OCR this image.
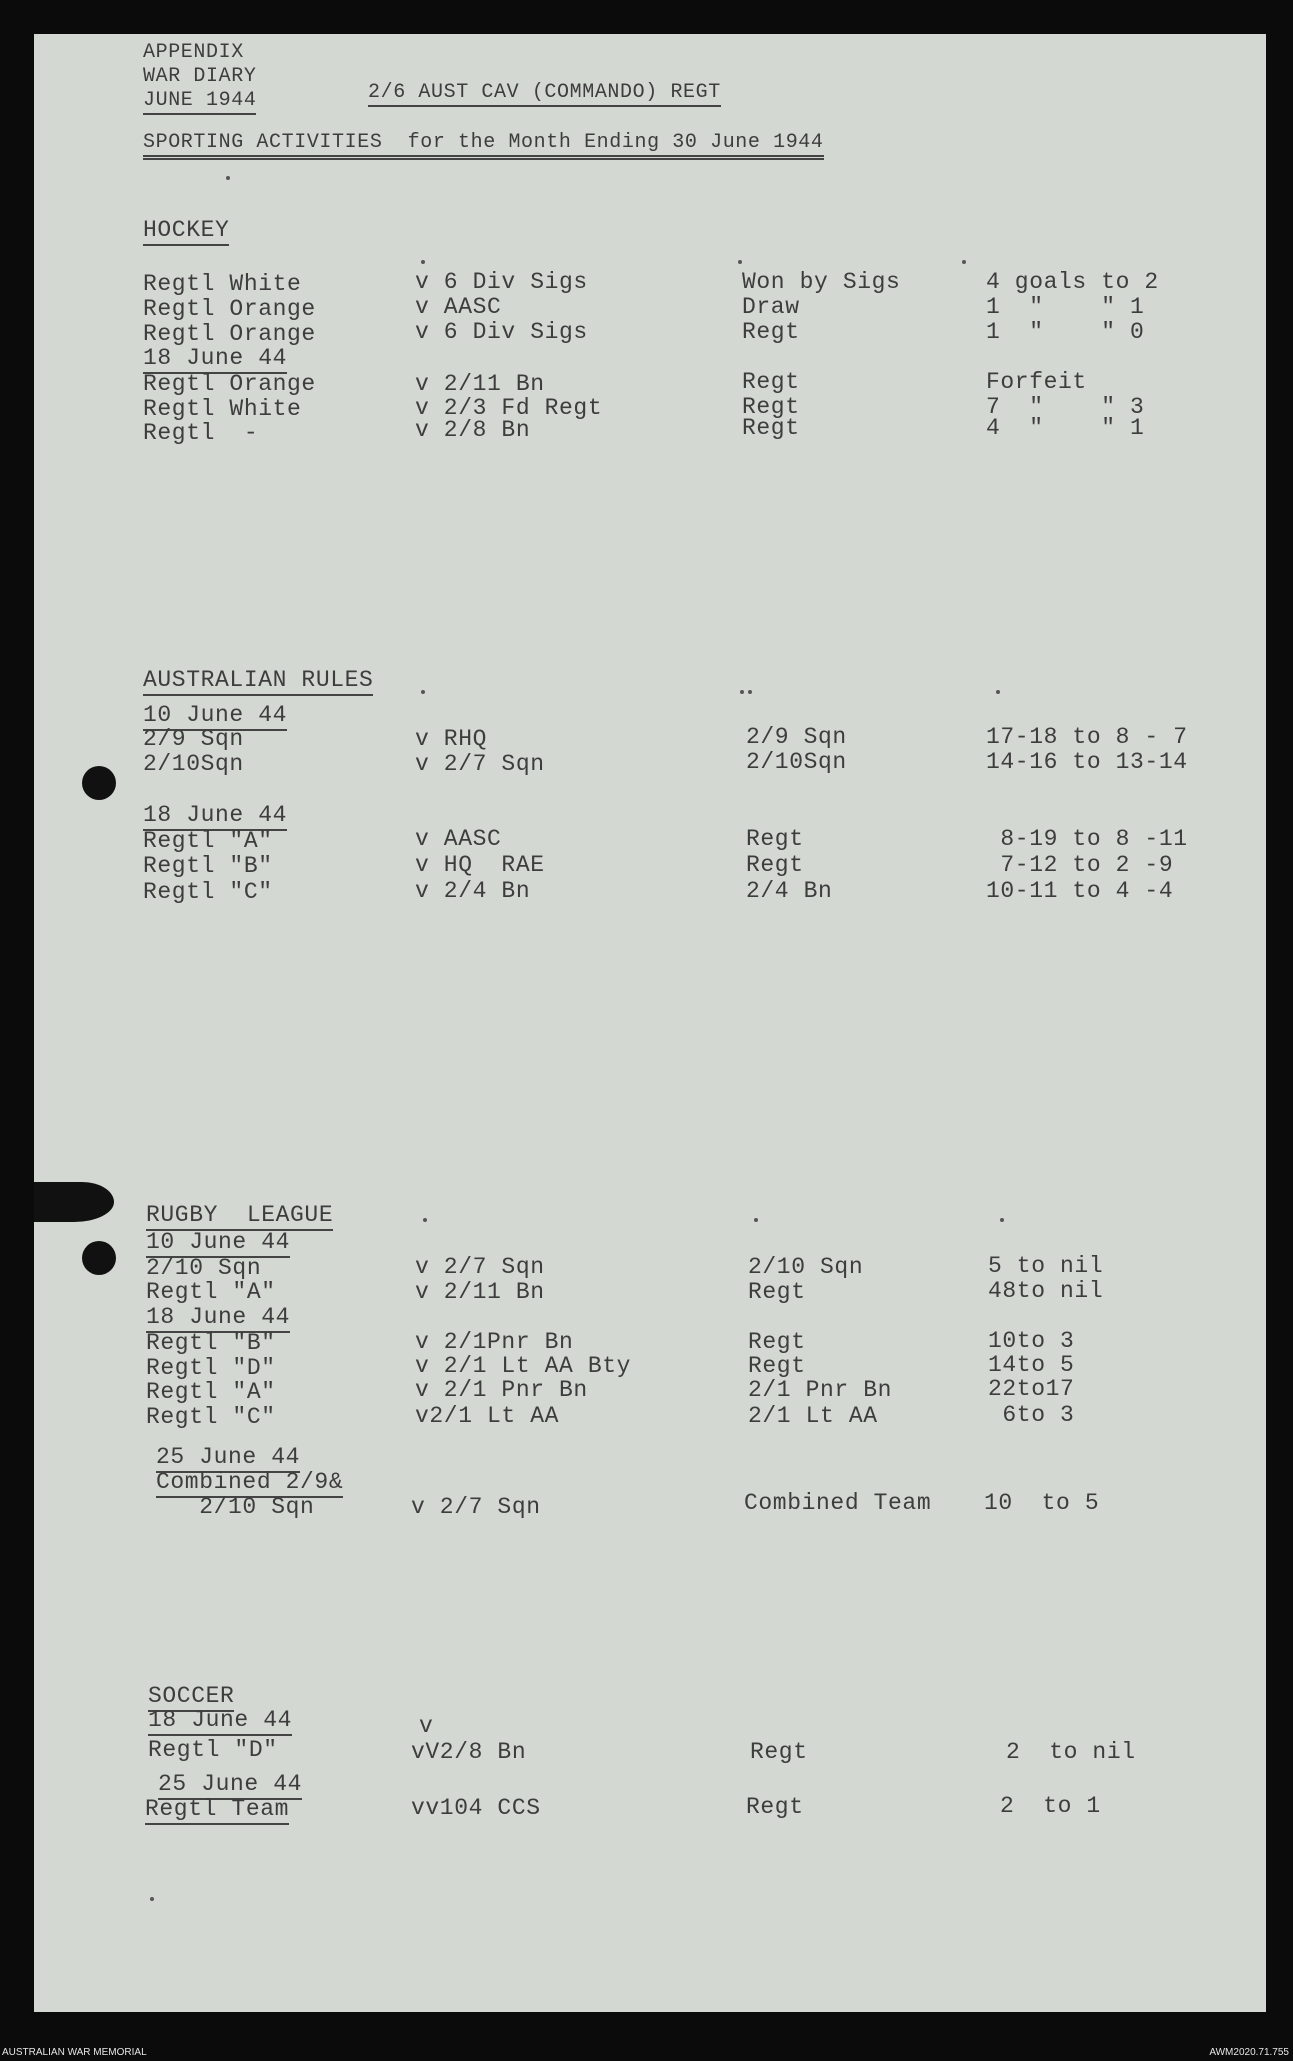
APPENDIX
WAR DIARY
JUNE 1944	2/6 AUST CAV (COMMANDO) REGT
SPORTING ACTIVITIES  for the Month Ending 30 June 1944
HOCKEY
Regtl White	v 6 Div Sigs	Won by Sigs	4 goals to 2
Regtl Orange	v AASC	Draw	1  "    " 1
Regtl Orange	v 6 Div Sigs	Regt	1  "    " 0
18 June 44
Regtl Orange	v 2/11 Bn	Regt	Forfeit
Regtl White	v 2/3 Fd Regt	Regt	7  "    " 3
Regtl  -	v 2/8 Bn	Regt	4  "    " 1
AUSTRALIAN RULES
10 June 44
2/9 Sqn	v RHQ	2/9 Sqn	17-18 to 8 - 7
2/10Sqn	v 2/7 Sqn	2/10Sqn	14-16 to 13-14
18 June 44
Regtl "A"	v AASC	Regt	8-19 to 8 -11
Regtl "B"	v HQ  RAE	Regt	7-12 to 2 -9
Regtl "C"	v 2/4 Bn	2/4 Bn	10-11 to 4 -4
RUGBY  LEAGUE
10 June 44
2/10 Sqn	v 2/7 Sqn	2/10 Sqn	5 to nil
Regtl "A"	v 2/11 Bn	Regt	48to nil
18 June 44
Regtl "B"	v 2/1Pnr Bn	Regt	10to 3
Regtl "D"	v 2/1 Lt AA Bty	Regt	14to 5
Regtl "A"	v 2/1 Pnr Bn	2/1 Pnr Bn	22to17
Regtl "C"	v2/1 Lt AA	2/1 Lt AA	6to 3
25 June 44
Combined 2/9&
2/10 Sqn	v 2/7 Sqn	Combined Team 10  to 5
SOCCER
18 June 44	v
Regtl "D"	vV2/8 Bn	Regt	2  to nil
25 June 44
Regtl Team	vv104 CCS	Regt	2  to 1
AUSTRALIAN WAR MEMORIAL	AWM2020.71.755
